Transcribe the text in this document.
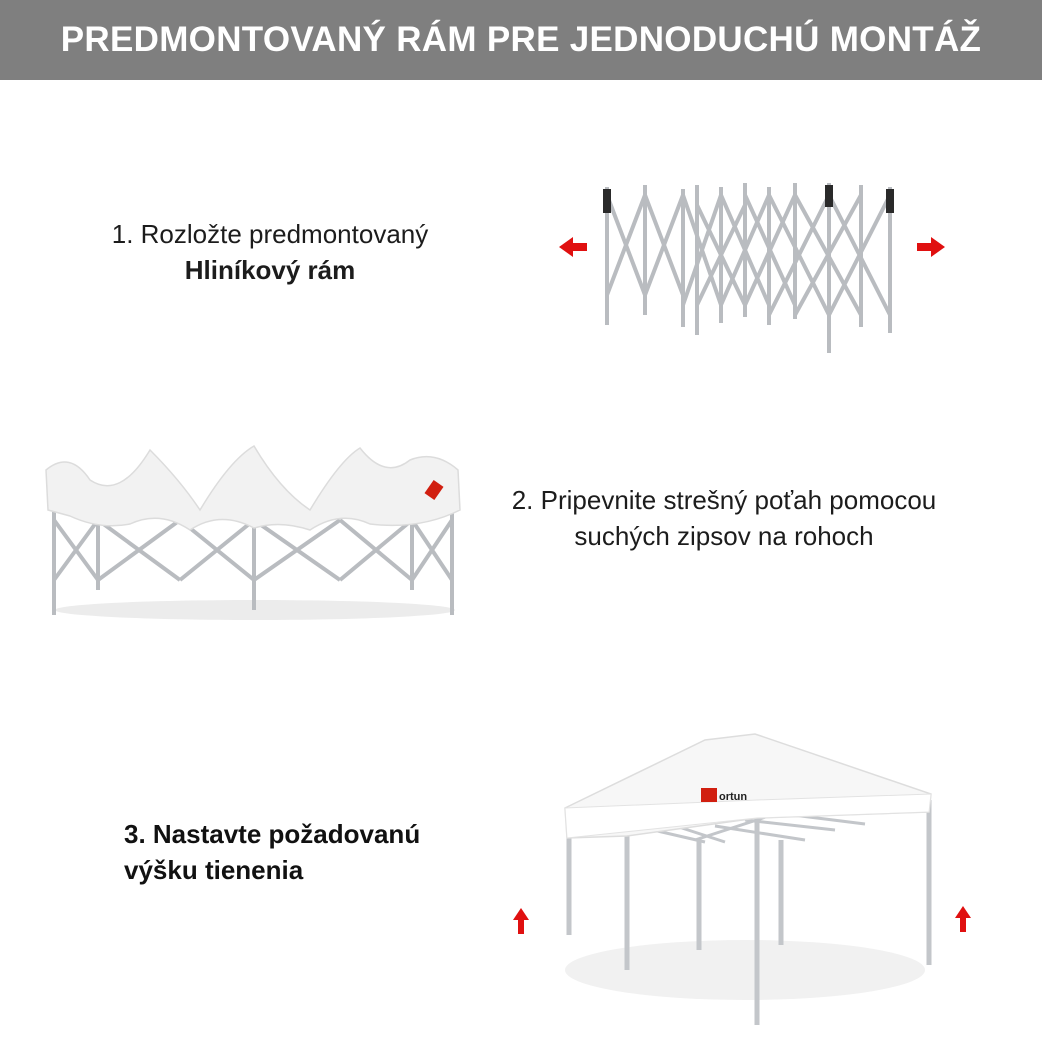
PREDMONTOVANÝ RÁM PRE JEDNODUCHÚ MONTÁŽ
1. Rozložte predmontovaný
Hliníkový rám
2. Pripevnite strešný poťah pomocou
suchých zipsov na rohoch
3. Nastavte požadovanú
výšku tienenia
ortun
